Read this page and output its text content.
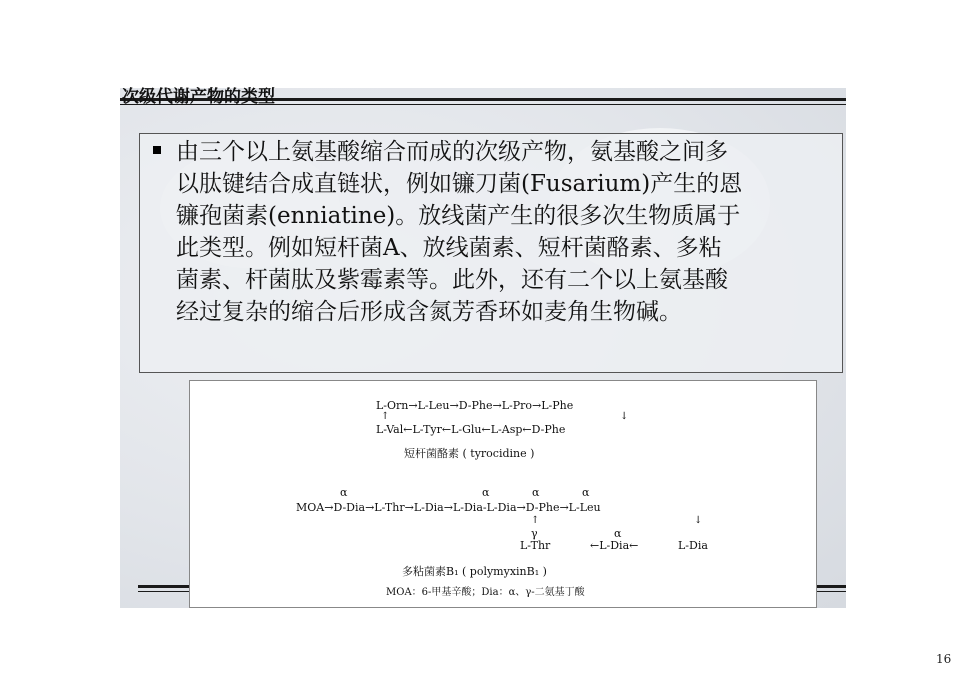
次级代谢产物的类型
由三个以上氨基酸缩合而成的次级产物，氨基酸之间多
以肽键结合成直链状，例如镰刀菌(Fusarium)产生的恩
镰孢菌素(enniatine)。放线菌产生的很多次生物质属于
此类型。例如短杆菌A、放线菌素、短杆菌酪素、多粘
菌素、杆菌肽及紫霉素等。此外，还有二个以上氨基酸
经过复杂的缩合后形成含氮芳香环如麦角生物碱。
L-Orn→L-Leu→D-Phe→L-Pro→L-Phe
↑	↓
L-Val←L-Tyr←L-Glu←L-Asp←D-Phe
短杆菌酪素 ( tyrocidine )
α	α	α	α
MOA→D-Dia→L-Thr→L-Dia→L-Dia-L-Dia→D-Phe→L-Leu
↑	↓
γ	α
L-Thr	←L-Dia←	L-Dia
多粘菌素B₁ ( polymyxinB₁ )
MOA：6-甲基辛酸；Dia：α、γ-二氨基丁酸
16
